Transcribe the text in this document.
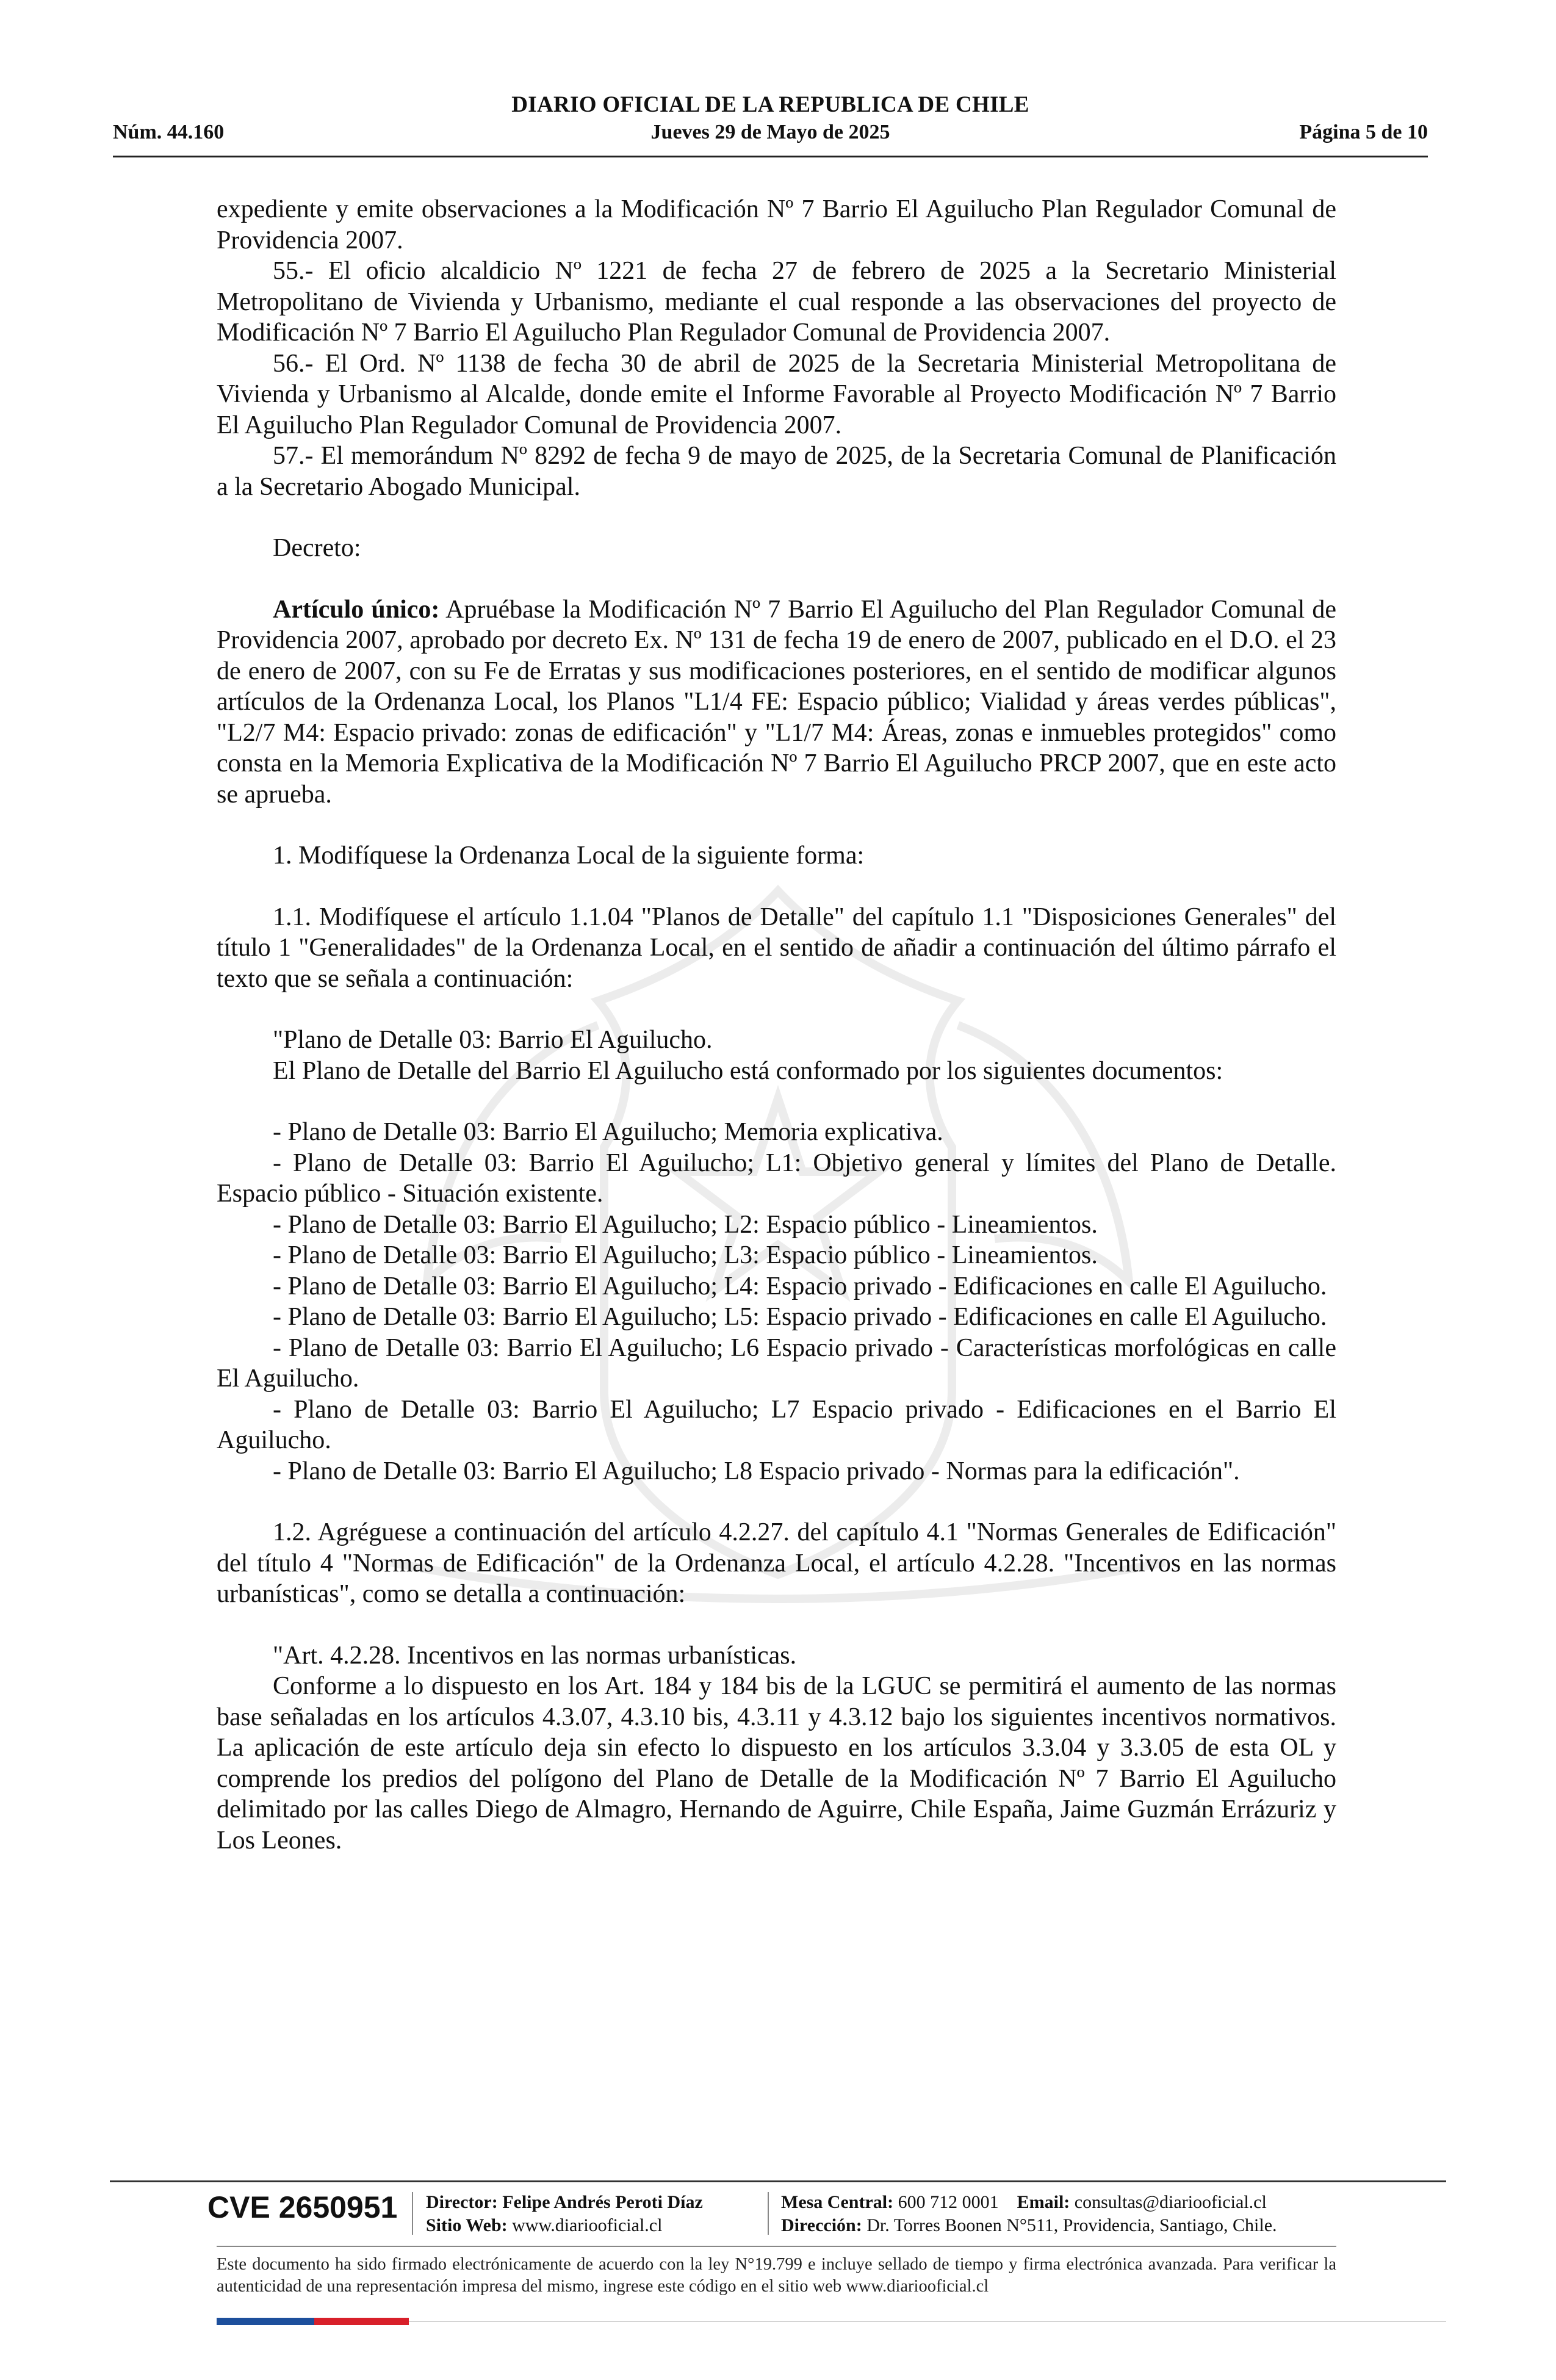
DIARIO OFICIAL DE LA REPUBLICA DE CHILE
Núm. 44.160	Jueves 29 de Mayo de 2025	Página 5 de 10

expediente y emite observaciones a la Modificación Nº 7 Barrio El Aguilucho Plan Regulador Comunal de Providencia 2007.

55.- El oficio alcaldicio Nº 1221 de fecha 27 de febrero de 2025 a la Secretario Ministerial Metropolitano de Vivienda y Urbanismo, mediante el cual responde a las observaciones del proyecto de Modificación Nº 7 Barrio El Aguilucho Plan Regulador Comunal de Providencia 2007.

56.- El Ord. Nº 1138 de fecha 30 de abril de 2025 de la Secretaria Ministerial Metropolitana de Vivienda y Urbanismo al Alcalde, donde emite el Informe Favorable al Proyecto Modificación Nº 7 Barrio El Aguilucho Plan Regulador Comunal de Providencia 2007.

57.- El memorándum Nº 8292 de fecha 9 de mayo de 2025, de la Secretaria Comunal de Planificación a la Secretario Abogado Municipal.

Decreto:

Artículo único: Apruébase la Modificación Nº 7 Barrio El Aguilucho del Plan Regulador Comunal de Providencia 2007, aprobado por decreto Ex. Nº 131 de fecha 19 de enero de 2007, publicado en el D.O. el 23 de enero de 2007, con su Fe de Erratas y sus modificaciones posteriores, en el sentido de modificar algunos artículos de la Ordenanza Local, los Planos "L1/4 FE: Espacio público; Vialidad y áreas verdes públicas", "L2/7 M4: Espacio privado: zonas de edificación" y "L1/7 M4: Áreas, zonas e inmuebles protegidos" como consta en la Memoria Explicativa de la Modificación Nº 7 Barrio El Aguilucho PRCP 2007, que en este acto se aprueba.

1. Modifíquese la Ordenanza Local de la siguiente forma:

1.1. Modifíquese el artículo 1.1.04 "Planos de Detalle" del capítulo 1.1 "Disposiciones Generales" del título 1 "Generalidades" de la Ordenanza Local, en el sentido de añadir a continuación del último párrafo el texto que se señala a continuación:

"Plano de Detalle 03: Barrio El Aguilucho.

El Plano de Detalle del Barrio El Aguilucho está conformado por los siguientes documentos:

- Plano de Detalle 03: Barrio El Aguilucho; Memoria explicativa.

- Plano de Detalle 03: Barrio El Aguilucho; L1: Objetivo general y límites del Plano de Detalle. Espacio público - Situación existente.

- Plano de Detalle 03: Barrio El Aguilucho; L2: Espacio público - Lineamientos.

- Plano de Detalle 03: Barrio El Aguilucho; L3: Espacio público - Lineamientos.

- Plano de Detalle 03: Barrio El Aguilucho; L4: Espacio privado - Edificaciones en calle El Aguilucho.

- Plano de Detalle 03: Barrio El Aguilucho; L5: Espacio privado - Edificaciones en calle El Aguilucho.

- Plano de Detalle 03: Barrio El Aguilucho; L6 Espacio privado - Características morfológicas en calle El Aguilucho.

- Plano de Detalle 03: Barrio El Aguilucho; L7 Espacio privado - Edificaciones en el Barrio El Aguilucho.

- Plano de Detalle 03: Barrio El Aguilucho; L8 Espacio privado - Normas para la edificación".

1.2. Agréguese a continuación del artículo 4.2.27. del capítulo 4.1 "Normas Generales de Edificación" del título 4 "Normas de Edificación" de la Ordenanza Local, el artículo 4.2.28. "Incentivos en las normas urbanísticas", como se detalla a continuación:

"Art. 4.2.28. Incentivos en las normas urbanísticas.

Conforme a lo dispuesto en los Art. 184 y 184 bis de la LGUC se permitirá el aumento de las normas base señaladas en los artículos 4.3.07, 4.3.10 bis, 4.3.11 y 4.3.12 bajo los siguientes incentivos normativos. La aplicación de este artículo deja sin efecto lo dispuesto en los artículos 3.3.04 y 3.3.05 de esta OL y comprende los predios del polígono del Plano de Detalle de la Modificación Nº 7 Barrio El Aguilucho delimitado por las calles Diego de Almagro, Hernando de Aguirre, Chile España, Jaime Guzmán Errázuriz y Los Leones.

CVE 2650951 Director: Felipe Andrés Peroti Díaz
Sitio Web: www.diariooficial.cl
Mesa Central: 600 712 0001 Email: consultas@diariooficial.cl
Dirección: Dr. Torres Boonen N°511, Providencia, Santiago, Chile.
Este documento ha sido firmado electrónicamente de acuerdo con la ley N°19.799 e incluye sellado de tiempo y firma electrónica avanzada. Para verificar la autenticidad de una representación impresa del mismo, ingrese este código en el sitio web www.diariooficial.cl
